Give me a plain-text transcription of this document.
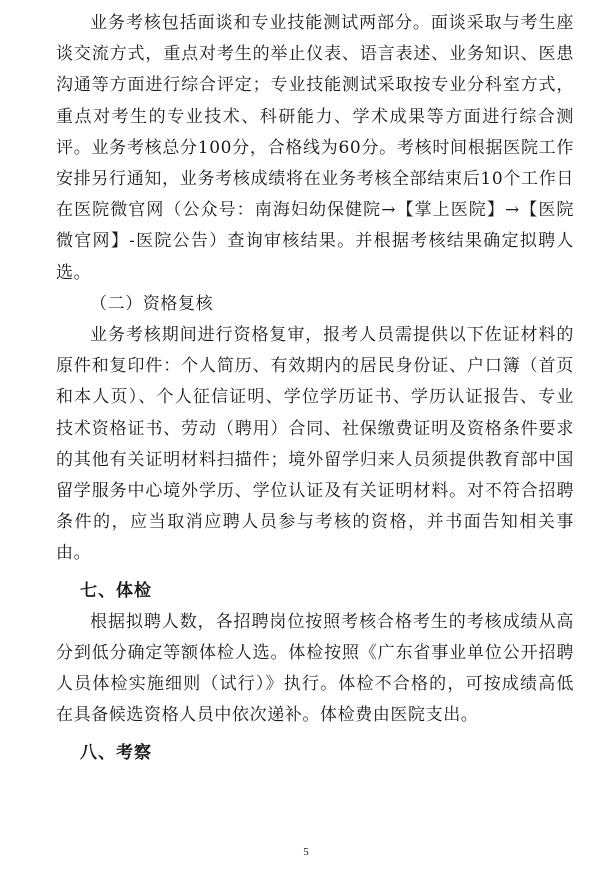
业务考核包括面谈和专业技能测试两部分。面谈采取与考生座谈交流方式，重点对考生的举止仪表、语言表述、业务知识、医患沟通等方面进行综合评定；专业技能测试采取按专业分科室方式，重点对考生的专业技术、科研能力、学术成果等方面进行综合测评。业务考核总分100分，合格线为60分。考核时间根据医院工作安排另行通知，业务考核成绩将在业务考核全部结束后10个工作日在医院微官网（公众号：南海妇幼保健院→【掌上医院】→【医院微官网】-医院公告）查询审核结果。并根据考核结果确定拟聘人选。

（二）资格复核

业务考核期间进行资格复审，报考人员需提供以下佐证材料的原件和复印件：个人简历、有效期内的居民身份证、户口簿（首页和本人页）、个人征信证明、学位学历证书、学历认证报告、专业技术资格证书、劳动（聘用）合同、社保缴费证明及资格条件要求的其他有关证明材料扫描件；境外留学归来人员须提供教育部中国留学服务中心境外学历、学位认证及有关证明材料。对不符合招聘条件的，应当取消应聘人员参与考核的资格，并书面告知相关事由。

七、体检

根据拟聘人数，各招聘岗位按照考核合格考生的考核成绩从高分到低分确定等额体检人选。体检按照《广东省事业单位公开招聘人员体检实施细则（试行）》执行。体检不合格的，可按成绩高低在具备候选资格人员中依次递补。体检费由医院支出。

八、考察

5
